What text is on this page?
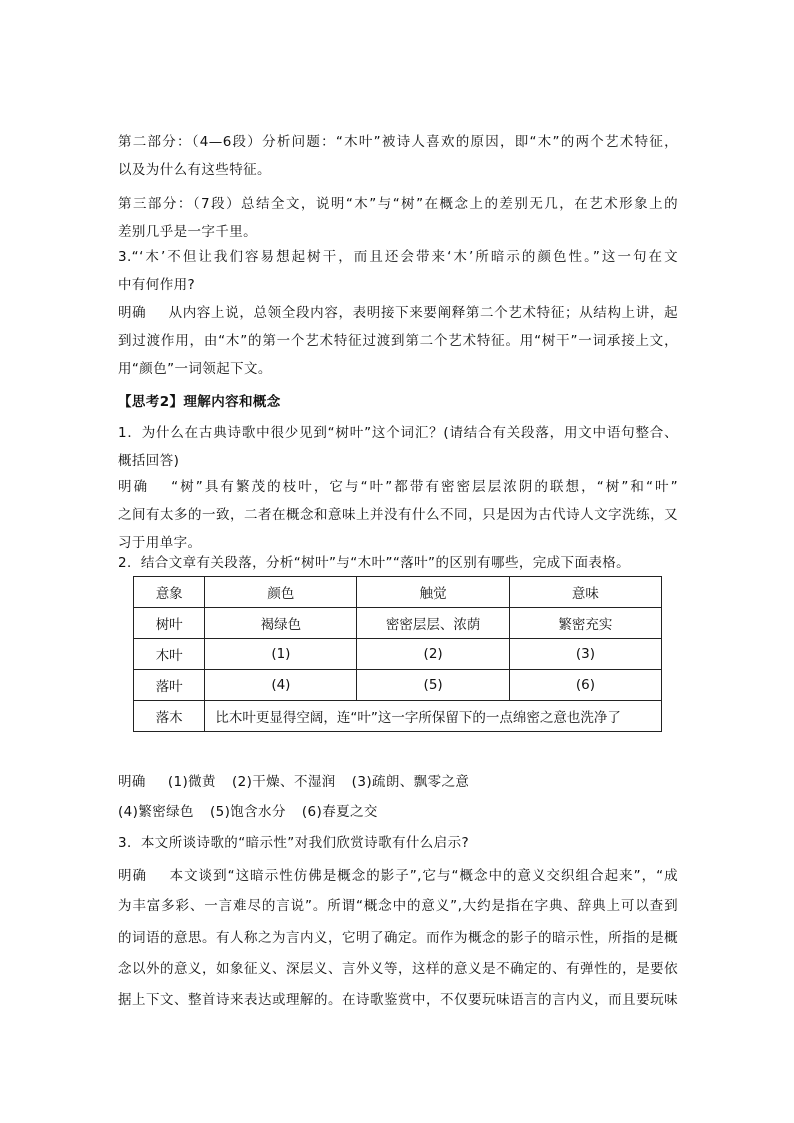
第二部分：（4—6段）分析问题：“木叶”被诗人喜欢的原因，即“木”的两个艺术特征，
以及为什么有这些特征。
第三部分：（7段）总结全文，说明“木”与“树”在概念上的差别无几，在艺术形象上的
差别几乎是一字千里。
3.“‘木’不但让我们容易想起树干，而且还会带来‘木’所暗示的颜色性。”这一句在文
中有何作用?
明确 从内容上说，总领全段内容，表明接下来要阐释第二个艺术特征；从结构上讲，起
到过渡作用，由“木”的第一个艺术特征过渡到第二个艺术特征。用“树干”一词承接上文，
用“颜色”一词领起下文。
【思考2】理解内容和概念
1．为什么在古典诗歌中很少见到“树叶”这个词汇？(请结合有关段落，用文中语句整合、
概括回答)
明确 “树”具有繁茂的枝叶，它与“叶”都带有密密层层浓阴的联想，“树”和“叶”
之间有太多的一致，二者在概念和意味上并没有什么不同，只是因为古代诗人文字洗练，又
习于用单字。
2．结合文章有关段落，分析“树叶”与“木叶”“落叶”的区别有哪些，完成下面表格。
意象	颜色	触觉	意味
树叶	褐绿色	密密层层、浓荫	繁密充实
木叶	(1)	(2)	(3)
落叶	(4)	(5)	(6)
落木	比木叶更显得空阔，连“叶”这一字所保留下的一点绵密之意也洗净了		
明确 (1)微黄 (2)干燥、不湿润 (3)疏朗、飘零之意
(4)繁密绿色 (5)饱含水分 (6)春夏之交
3．本文所谈诗歌的“暗示性”对我们欣赏诗歌有什么启示?
明确 本文谈到“这暗示性仿佛是概念的影子”,它与“概念中的意义交织组合起来”，“成
为丰富多彩、一言难尽的言说”。所谓“概念中的意义”,大约是指在字典、辞典上可以查到
的词语的意思。有人称之为言内义，它明了确定。而作为概念的影子的暗示性，所指的是概
念以外的意义，如象征义、深层义、言外义等，这样的意义是不确定的、有弹性的，是要依
据上下文、整首诗来表达或理解的。在诗歌鉴赏中，不仅要玩味语言的言内义，而且要玩味
